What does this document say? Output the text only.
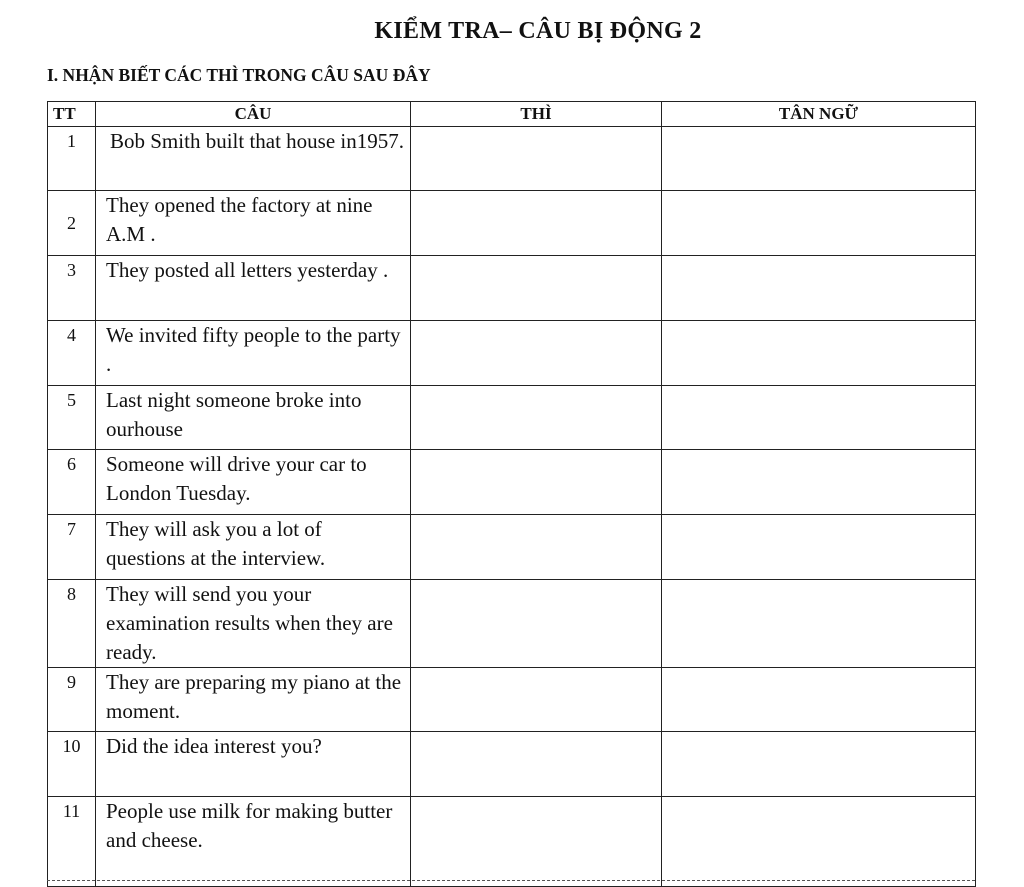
KIỂM TRA– CÂU BỊ ĐỘNG 2
I. NHẬN BIẾT CÁC THÌ TRONG CÂU SAU ĐÂY
TT	CÂU	THÌ	TÂN NGỮ
1	Bob Smith built that house in1957.		
2	They opened the factory at nine A.M .		
3	They posted all letters yesterday .		
4	We invited fifty people to the party .		
5	Last night someone broke into ourhouse		
6	Someone will drive your car to London Tuesday.		
7	They will ask you a lot of questions at the interview.		
8	They will send you your examination results when they are ready.		
9	They are preparing my piano at the moment.		
10	Did the idea interest you?		
11	People use milk for making butter and cheese.		
